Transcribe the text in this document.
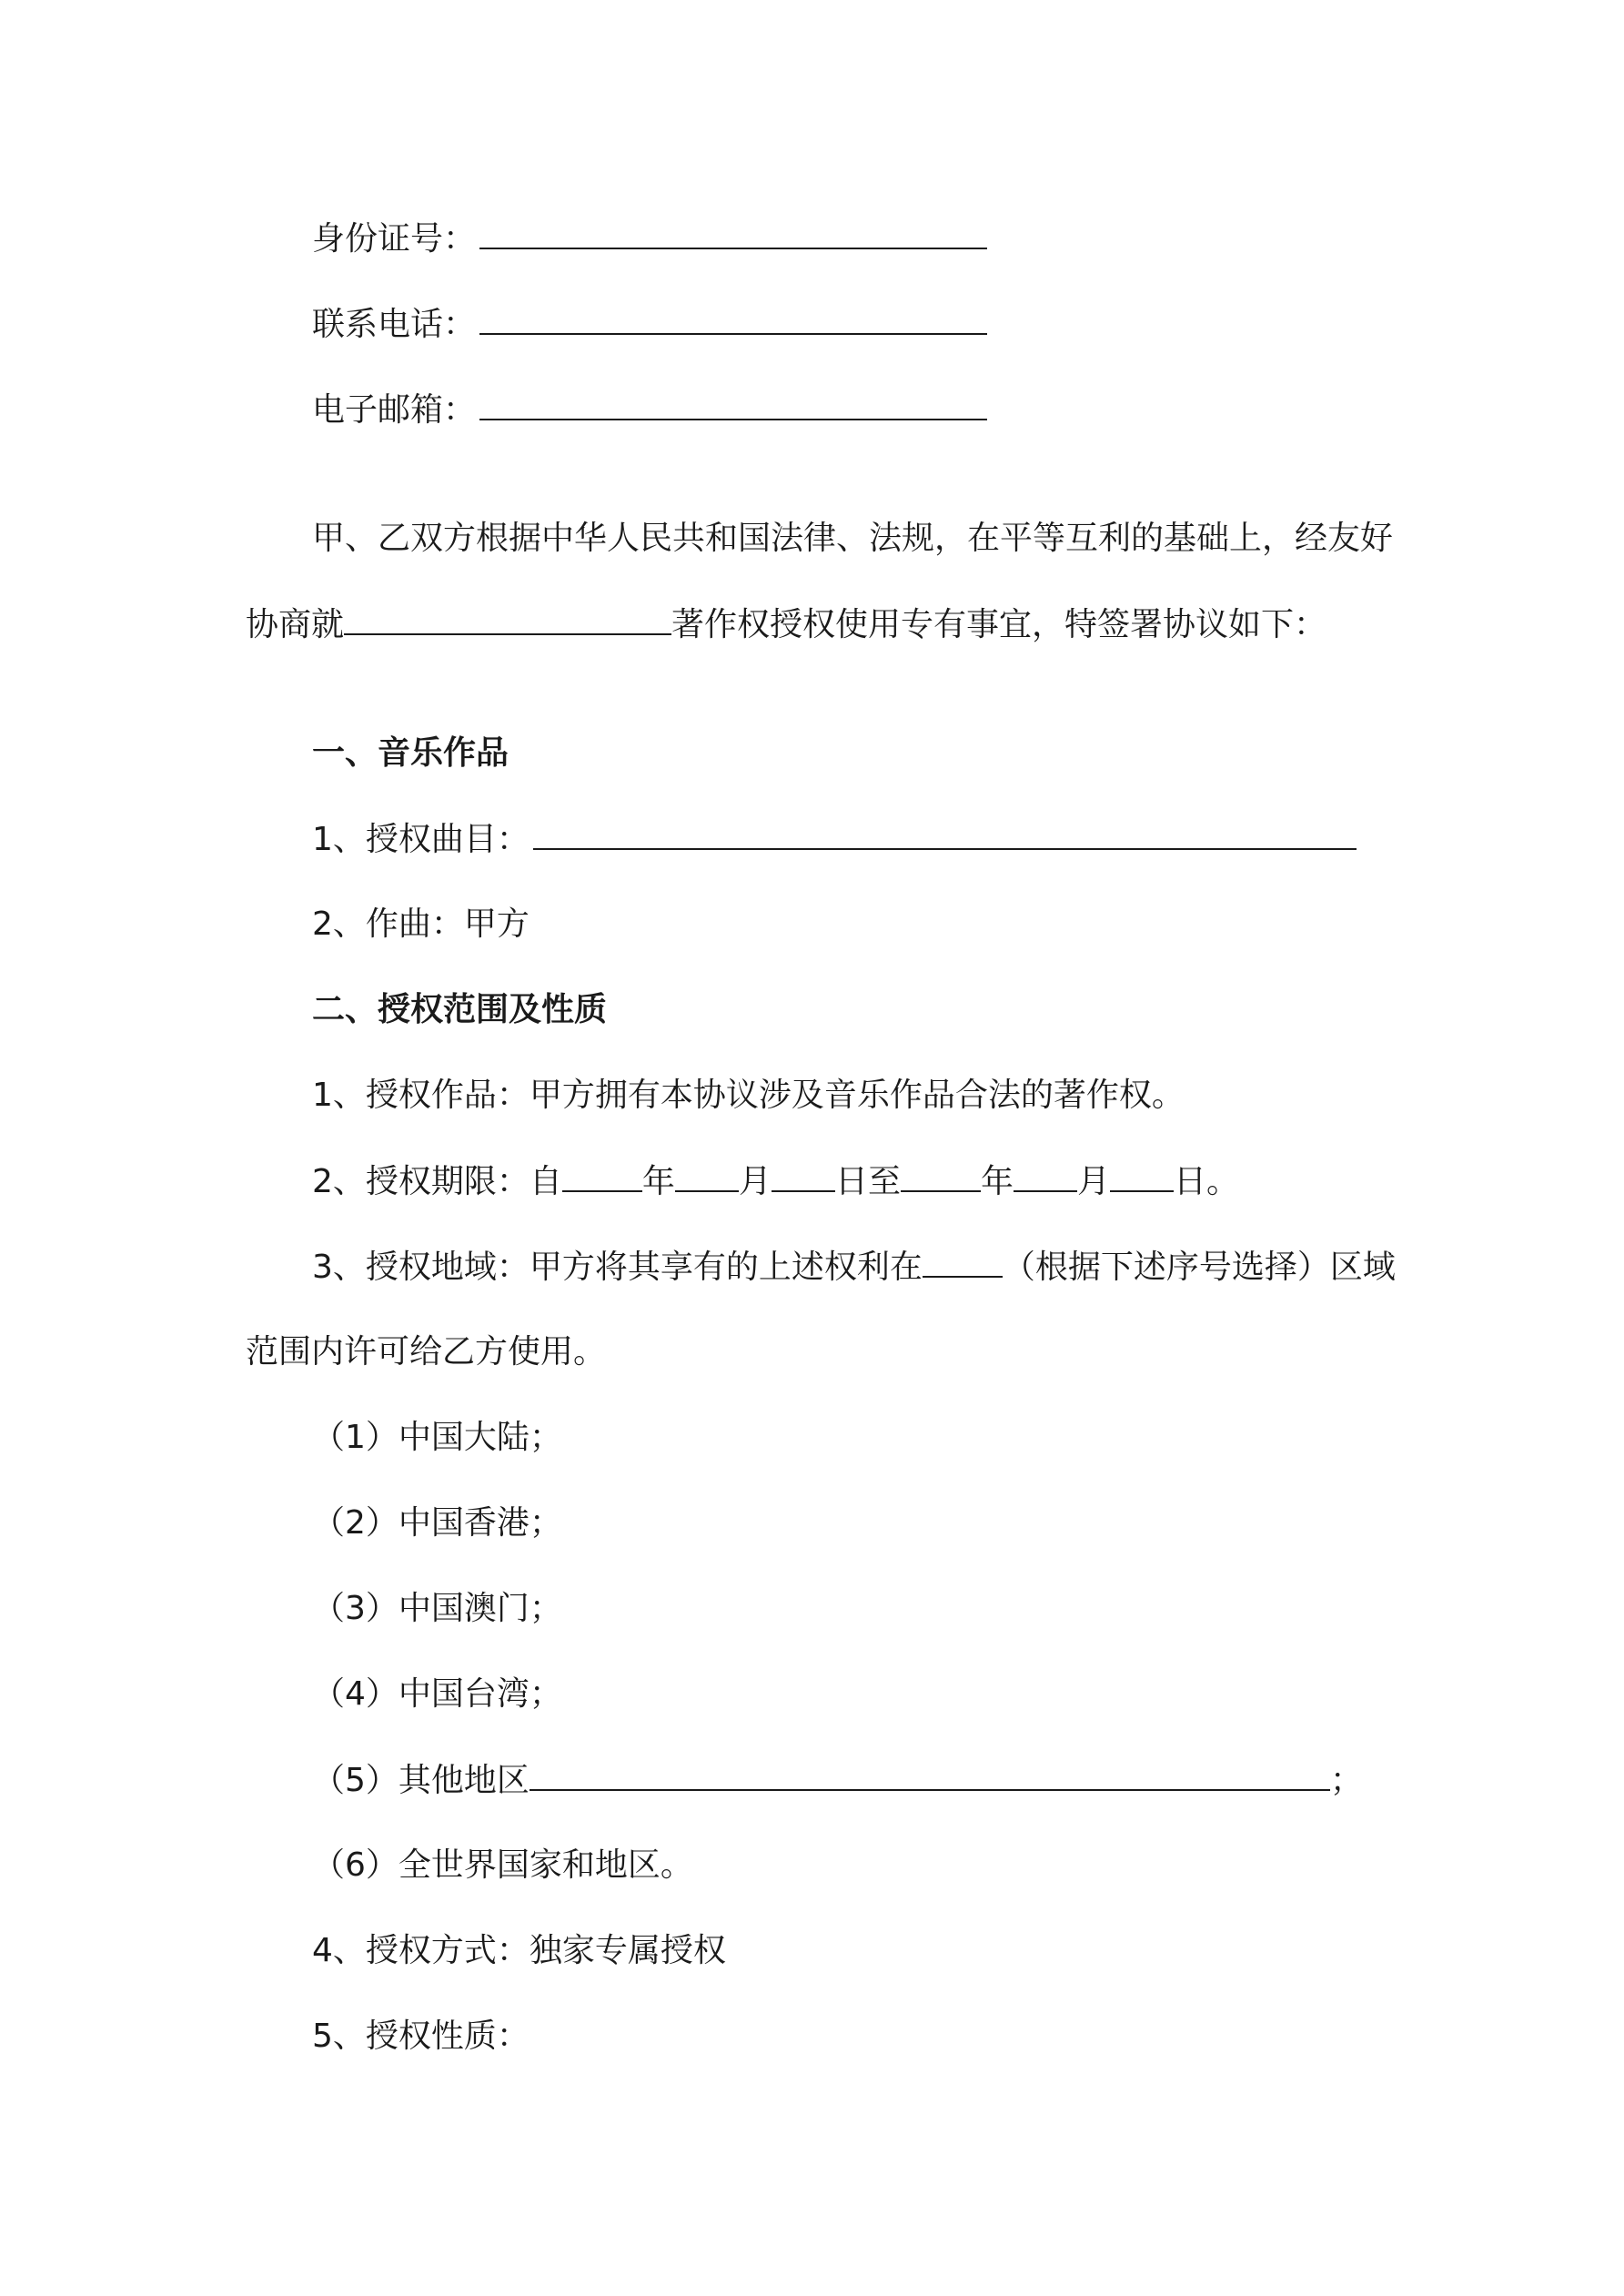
身份证号：
联系电话：
电子邮箱：
甲、乙双方根据中华人民共和国法律、法规，在平等互利的基础上，经友好
协商就	著作权授权使用专有事宜，特签署协议如下：
一、音乐作品
1、授权曲目：
2、作曲：甲方
二、授权范围及性质
1、授权作品：甲方拥有本协议涉及音乐作品合法的著作权。
2、授权期限：自 年 月 日至 年 月 日。
3、授权地域：甲方将其享有的上述权利在 （根据下述序号选择）区域
范围内许可给乙方使用。
（1）中国大陆；
（2）中国香港；
（3）中国澳门；
（4）中国台湾；
（5）其他地区	；
（6）全世界国家和地区。
4、授权方式：独家专属授权
5、授权性质：
